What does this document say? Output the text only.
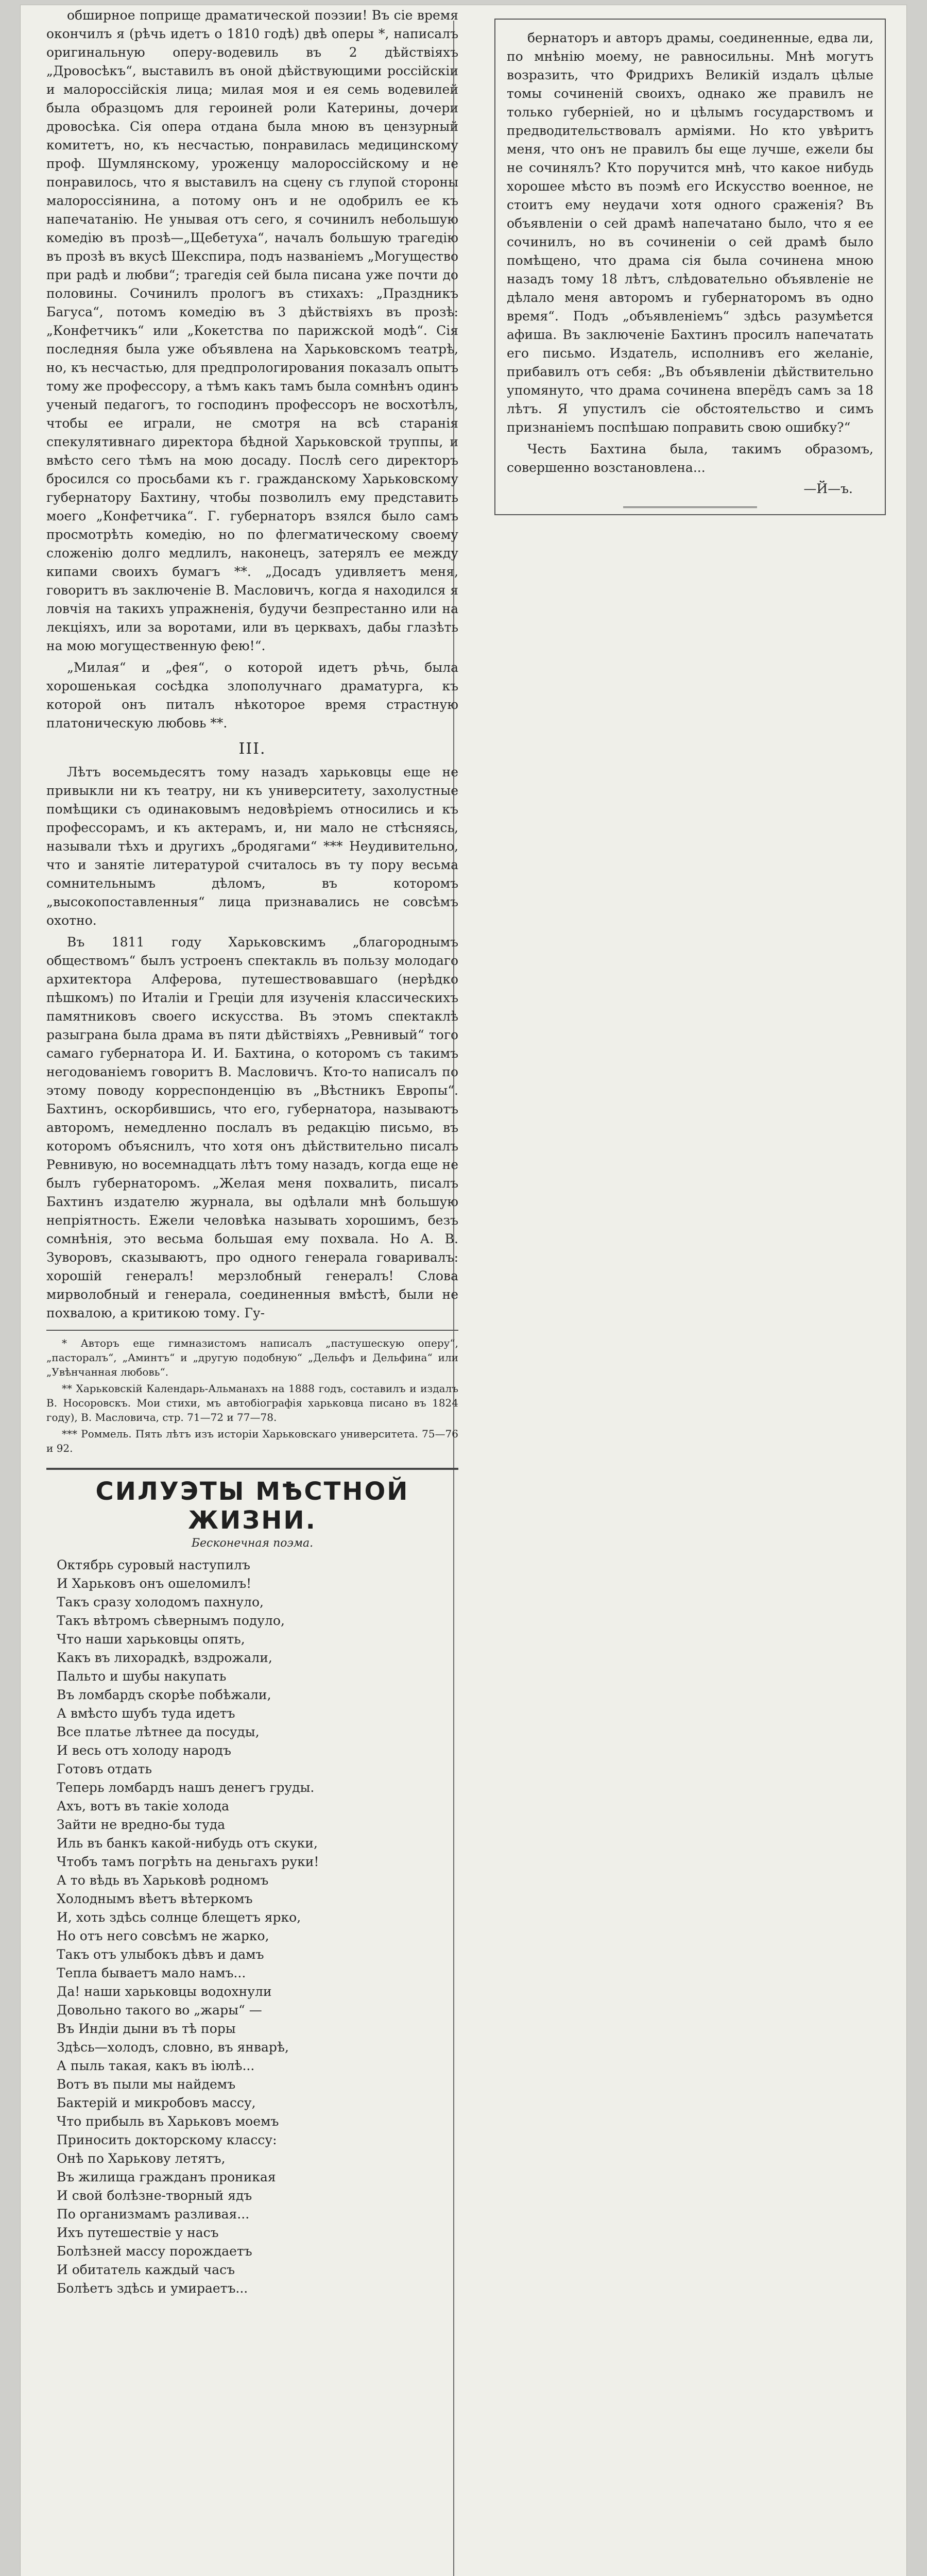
обширное поприще драматической поэзии! Въ сіе время окончилъ я (рѣчь идетъ о 1810 годѣ) двѣ оперы *, написалъ оригинальную оперу-водевиль въ 2 дѣйствіяхъ „Дровосѣкъ“, выставилъ въ оной дѣйствующими россійскіи и малороссійскія лица; милая моя и ея семь водевилей была образцомъ для героиней роли Катерины, дочери дровосѣка. Сія опера отдана была мною въ цензурный комитетъ, но, къ несчастью, понравилась медицинскому проф. Шумлянскому, уроженцу малороссійскому и не понравилось, что я выставилъ на сцену съ глупой стороны малороссіянина, а потому онъ и не одобрилъ ее къ напечатанію. Не унывая отъ сего, я сочинилъ небольшую комедію въ прозѣ—„Щебетуха“, началъ большую трагедію въ прозѣ въ вкусѣ Шекспира, подъ названіемъ „Могущество при радѣ и любви“; трагедія сей была писана уже почти до половины. Сочинилъ прологъ въ стихахъ: „Праздникъ Багуса“, потомъ комедію въ 3 дѣйствіяхъ въ прозѣ: „Конфетчикъ“ или „Кокетства по парижской модѣ“. Сія последняя была уже объявлена на Харьковскомъ театрѣ, но, къ несчастью, для предпрологирования показалъ опытъ тому же профессору, а тѣмъ какъ тамъ была сомнѣнъ одинъ ученый педагогъ, то господинъ профессоръ не восхотѣлъ, чтобы ее играли, не смотря на всѣ старанія спекулятивнаго директора бѣдной Харьковской труппы, и вмѣсто сего тѣмъ на мою досаду. Послѣ сего директоръ бросился со просьбами къ г. гражданскому Харьковскому губернатору Бахтину, чтобы позволилъ ему представить моего „Конфетчика“. Г. губернаторъ взялся было самъ просмотрѣть комедію, но по флегматическому своему сложенію долго медлилъ, наконецъ, затерялъ ее между кипами своихъ бумагъ **. „Досадъ удивляетъ меня, говоритъ въ заключеніе В. Масловичъ, когда я находился я ловчія на такихъ упражненія, будучи безпрестанно или на лекціяхъ, или за воротами, или въ церквахъ, дабы глазѣть на мою могущественную фею!“.

„Милая“ и „фея“, о которой идетъ рѣчь, была хорошенькая сосѣдка злополучнаго драматурга, къ которой онъ питалъ нѣкоторое время страстную платоническую любовь **.

III.

Лѣтъ восемьдесятъ тому назадъ харьковцы еще не привыкли ни къ театру, ни къ университету, захолустные помѣщики съ одинаковымъ недовѣріемъ относились и къ профессорамъ, и къ актерамъ, и, ни мало не стѣсняясь, называли тѣхъ и другихъ „бродягами“ *** Неудивительно, что и занятіе литературой считалось въ ту пору весьма сомнительнымъ дѣломъ, въ которомъ „высокопоставленныя“ лица признавались не совсѣмъ охотно.

Въ 1811 году Харьковскимъ „благороднымъ обществомъ“ былъ устроенъ спектакль въ пользу молодаго архитектора Алферова, путешествовавшаго (нерѣдко пѣшкомъ) по Италіи и Греціи для изученія классическихъ памятниковъ своего искусства. Въ этомъ спектаклѣ разыграна была драма въ пяти дѣйствіяхъ „Ревнивый“ того самаго губернатора И. И. Бахтина, о которомъ съ такимъ негодованіемъ говоритъ В. Масловичъ. Кто-то написалъ по этому поводу корреспонденцію въ „Вѣстникъ Европы“. Бахтинъ, оскорбившись, что его, губернатора, называютъ авторомъ, немедленно послалъ въ редакцію письмо, въ которомъ объяснилъ, что хотя онъ дѣйствительно писалъ Ревнивую, но восемнадцать лѣтъ тому назадъ, когда еще не былъ губернаторомъ. „Желая меня похвалить, писалъ Бахтинъ издателю журнала, вы одѣлали мнѣ большую непріятность. Ежели человѣка называть хорошимъ, безъ сомнѣнія, это весьма большая ему похвала. Но А. В. Зуворовъ, сказываютъ, про одного генерала говаривалъ: хорошій генералъ! мерзлобный генералъ! Слова мирволобный и генерала, соединенныя вмѣстѣ, были не похвалою, а критикою тому. Гу-

* Авторъ еще гимназистомъ написалъ „пастушескую оперу“, „пасторалъ“, „Аминтъ“ и „другую подобную“ „Дельфъ и Дельфина“ или „Увѣнчанная любовь“.

** Харьковскій Календарь-Альманахъ на 1888 годъ, составилъ и издалъ В. Носоровскъ. Мои стихи, мъ автобіографія харьковца писано въ 1824 году), В. Масловича, стр. 71—72 и 77—78.

*** Роммель. Пять лѣтъ изъ исторіи Харьковскаго университета. 75—76 и 92.

СИЛУЭТЫ МѢСТНОЙ ЖИЗНИ.
Бесконечная поэма.
Октябрь суровый наступилъ
И Харьковъ онъ ошеломилъ!
Такъ сразу холодомъ пахнуло,
Такъ вѣтромъ сѣвернымъ подуло,
Что наши харьковцы опять,
Какъ въ лихорадкѣ, вздрожали,
Пальто и шубы накупать
Въ ломбардъ скорѣе побѣжали,
А вмѣсто шубъ туда идетъ
Все платье лѣтнее да посуды,
И весь отъ холоду народъ
Готовъ отдать
Теперь ломбардъ нашъ денегъ груды.
Ахъ, вотъ въ такіе холода
Зайти не вредно-бы туда
Иль въ банкъ какой-нибудь отъ скуки,
Чтобъ тамъ погрѣть на деньгахъ руки!
А то вѣдь въ Харьковѣ родномъ
Холоднымъ вѣетъ вѣтеркомъ
И, хоть здѣсь солнце блещетъ ярко,
Но отъ него совсѣмъ не жарко,
Такъ отъ улыбокъ дѣвъ и дамъ
Тепла бываетъ мало намъ...
Да! наши харьковцы водохнули
Довольно такого во „жары“ —
Въ Индіи дыни въ тѣ поры
Здѣсь—холодъ, словно, въ январѣ,
А пыль такая, какъ въ іюлѣ...
Вотъ въ пыли мы найдемъ
Бактерій и микробовъ массу,
Что прибыль въ Харьковъ моемъ
Приносить докторскому классу:
Онѣ по Харькову летятъ,
Въ жилища гражданъ проникая
И свой болѣзне-творный ядъ
По организмамъ разливая...
Ихъ путешествіе у насъ
Болѣзней массу порождаетъ
И обитатель каждый часъ
Болѣетъ здѣсь и умираетъ...

бернаторъ и авторъ драмы, соединенные, едва ли, по мнѣнію моему, не равносильны. Мнѣ могутъ возразить, что Фридрихъ Великій издалъ цѣлые томы сочиненій своихъ, однако же правилъ не только губерніей, но и цѣлымъ государствомъ и предводительствовалъ арміями. Но кто увѣритъ меня, что онъ не правилъ бы еще лучше, ежели бы не сочинялъ? Кто поручится мнѣ, что какое нибудь хорошее мѣсто въ поэмѣ его Искусство военное, не стоитъ ему неудачи хотя одного сраженія? Въ объявленіи о сей драмѣ напечатано было, что я ее сочинилъ, но въ сочиненіи о сей драмѣ было помѣщено, что драма сія была сочинена мною назадъ тому 18 лѣтъ, слѣдовательно объявленіе не дѣлало меня авторомъ и губернаторомъ въ одно время“. Подъ „объявленіемъ“ здѣсь разумѣется афиша. Въ заключеніе Бахтинъ просилъ напечатать его письмо. Издатель, исполнивъ его желаніе, прибавилъ отъ себя: „Въ объявленіи дѣйствительно упомянуто, что драма сочинена вперёдъ самъ за 18 лѣтъ. Я упустилъ сіе обстоятельство и симъ признаніемъ поспѣшаю поправить свою ошибку?“

Честь Бахтина была, такимъ образомъ, совершенно возстановлена...

—Й—ъ.
